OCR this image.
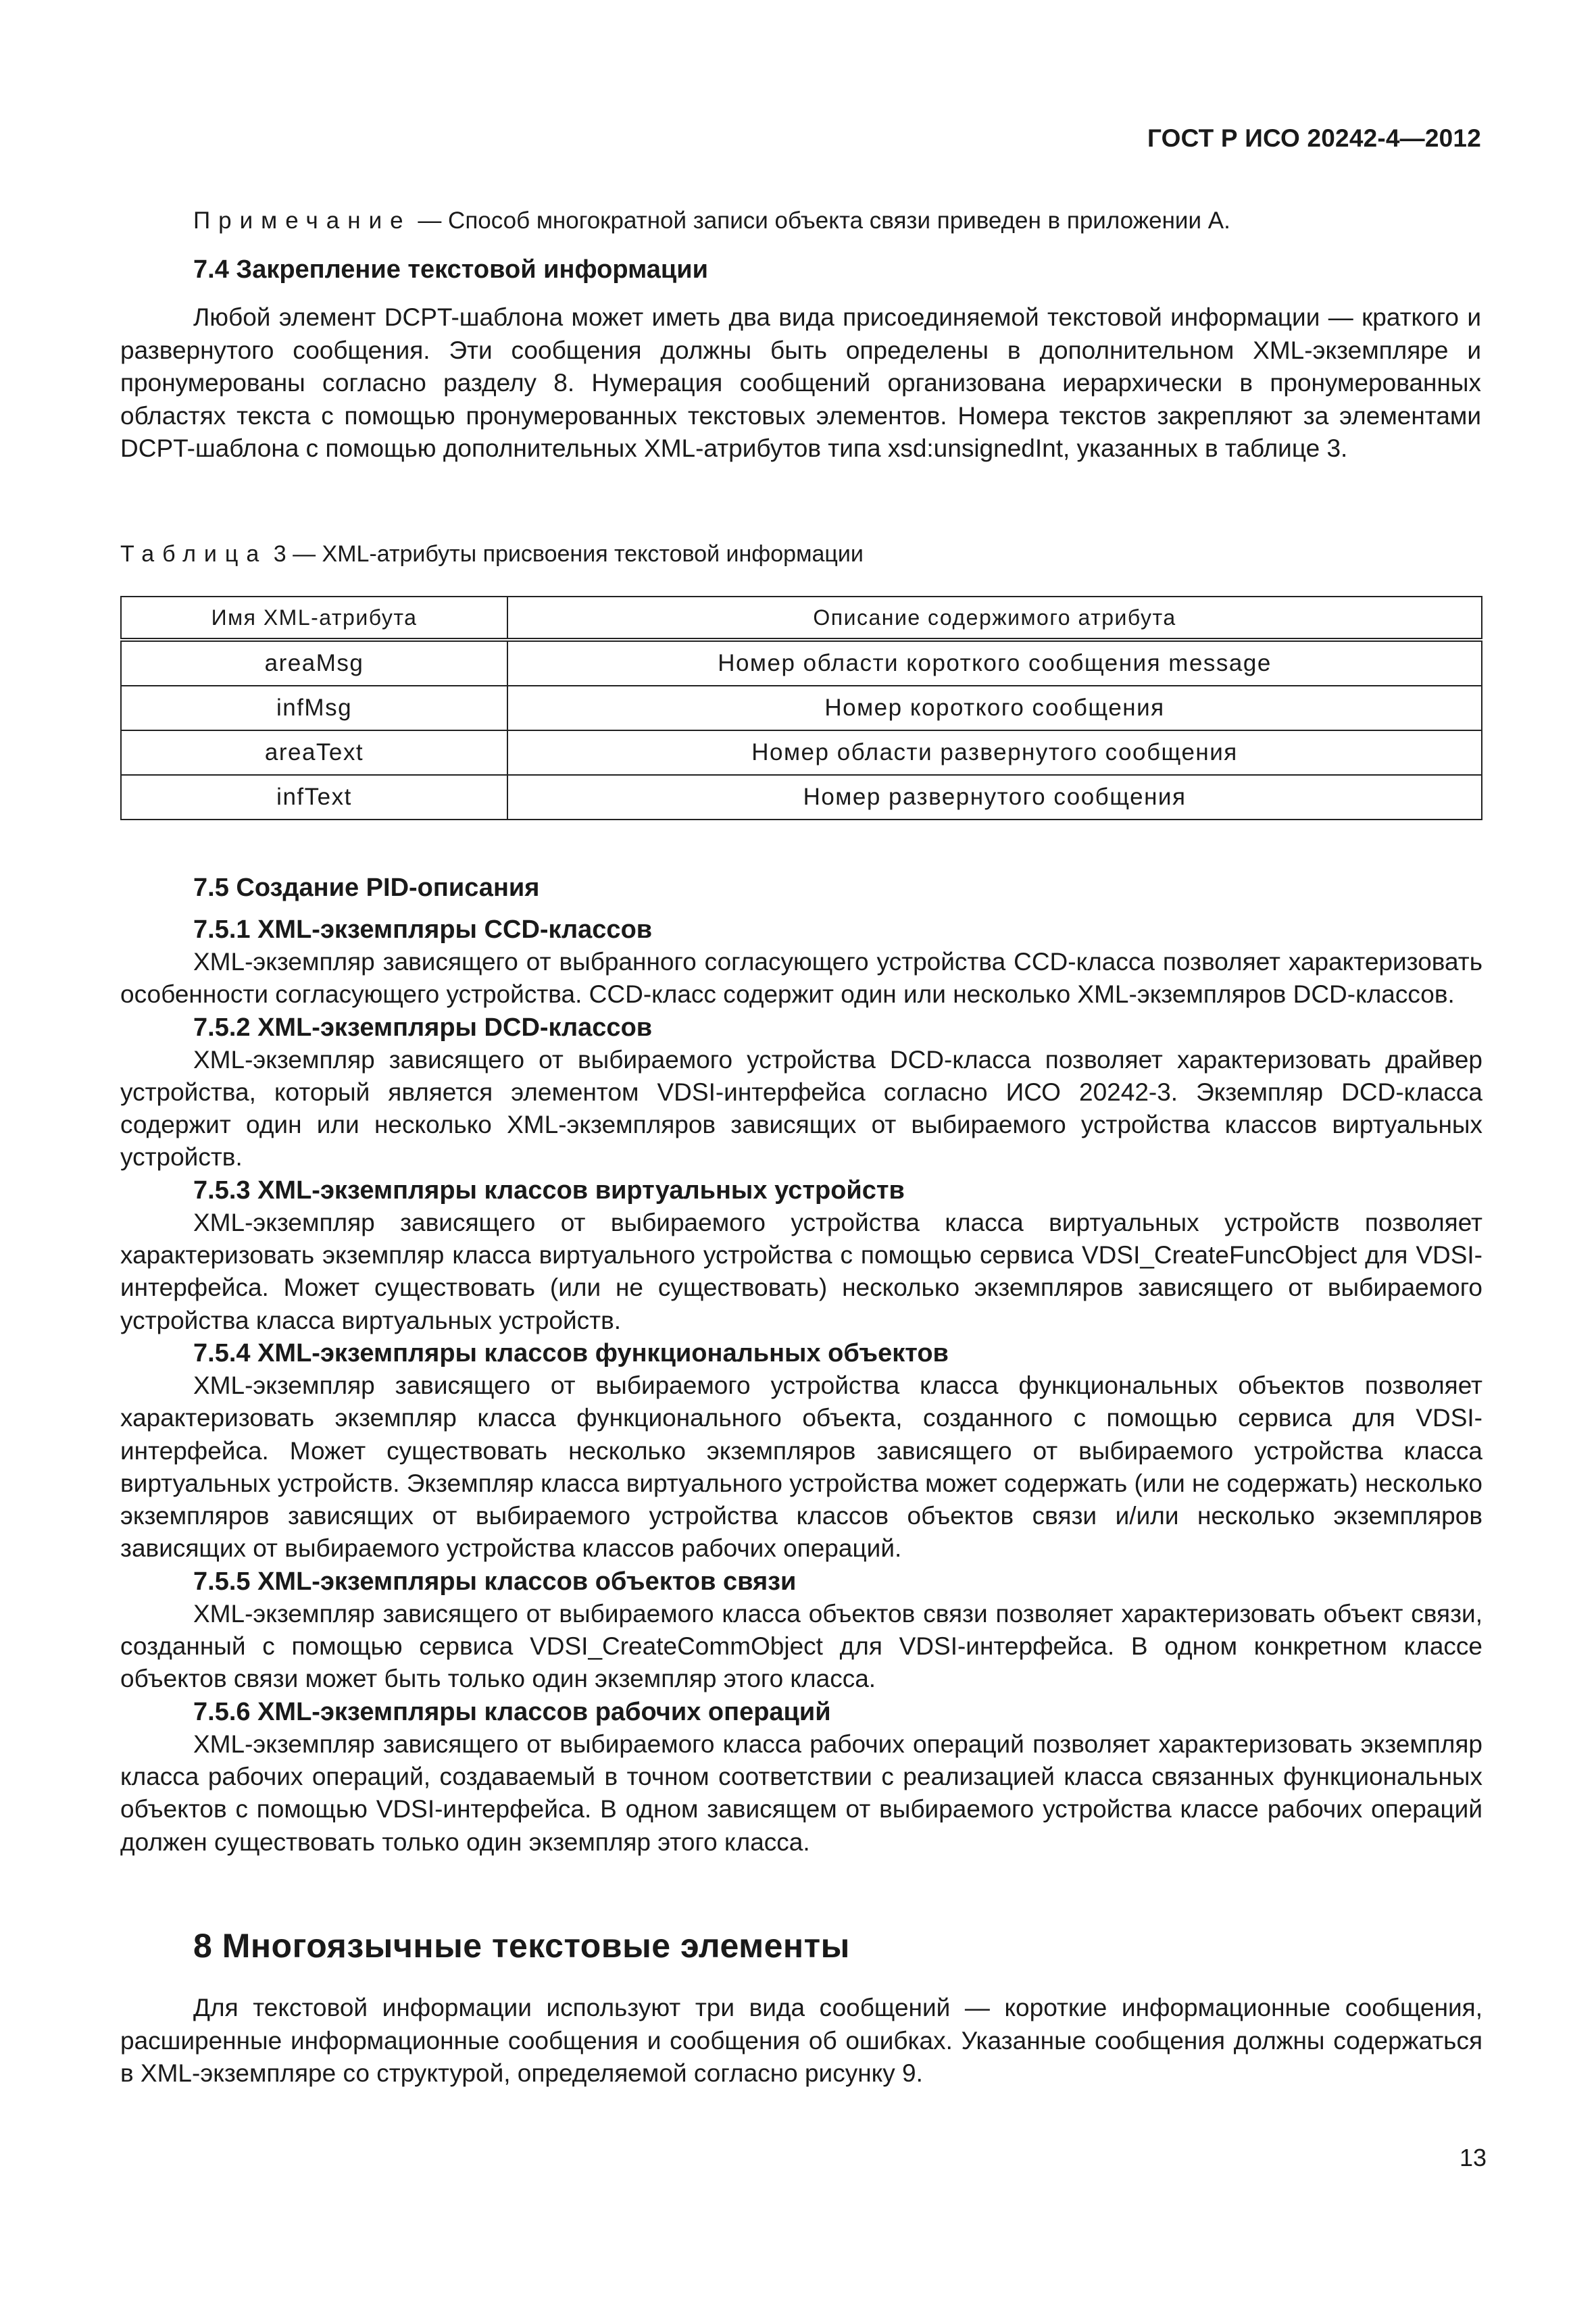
ГОСТ Р ИСО 20242-4—2012
Примечание — Способ многократной записи объекта связи приведен в приложении А.
7.4 Закрепление текстовой информации

Любой элемент DCPT-шаблона может иметь два вида присоединяемой текстовой информации — краткого и развернутого сообщения. Эти сообщения должны быть определены в дополнительном XML-экземпляре и пронумерованы согласно разделу 8. Нумерация сообщений организована иерархически в пронумерованных областях текста с помощью пронумерованных текстовых элементов. Номера текстов закрепляют за элементами DCPT-шаблона с помощью дополнительных XML-атрибутов типа xsd:unsignedInt, указанных в таблице 3.

Таблица 3 — XML-атрибуты присвоения текстовой информации
Имя XML-атрибута	Описание содержимого атрибута
areaMsg	Номер области короткого сообщения message
infMsg	Номер короткого сообщения
areaText	Номер области развернутого сообщения
infText	Номер развернутого сообщения

7.5 Создание PID-описания

7.5.1 XML-экземпляры CCD-классов

XML-экземпляр зависящего от выбранного согласующего устройства CCD-класса позволяет характеризовать особенности согласующего устройства. CCD-класс содержит один или несколько XML-экземпляров DCD-классов.

7.5.2 XML-экземпляры DCD-классов

XML-экземпляр зависящего от выбираемого устройства DCD-класса позволяет характеризовать драйвер устройства, который является элементом VDSI-интерфейса согласно ИСО 20242-3. Экземпляр DCD-класса содержит один или несколько XML-экземпляров зависящих от выбираемого устройства классов виртуальных устройств.

7.5.3 XML-экземпляры классов виртуальных устройств

XML-экземпляр зависящего от выбираемого устройства класса виртуальных устройств позволяет характеризовать экземпляр класса виртуального устройства с помощью сервиса VDSI_CreateFuncObject для VDSI-интерфейса. Может существовать (или не существовать) несколько экземпляров зависящего от выбираемого устройства класса виртуальных устройств.

7.5.4 XML-экземпляры классов функциональных объектов

XML-экземпляр зависящего от выбираемого устройства класса функциональных объектов позволяет характеризовать экземпляр класса функционального объекта, созданного с помощью сервиса для VDSI-интерфейса. Может существовать несколько экземпляров зависящего от выбираемого устройства класса виртуальных устройств. Экземпляр класса виртуального устройства может содержать (или не содержать) несколько экземпляров зависящих от выбираемого устройства классов объектов связи и/или несколько экземпляров зависящих от выбираемого устройства классов рабочих операций.

7.5.5 XML-экземпляры классов объектов связи

XML-экземпляр зависящего от выбираемого класса объектов связи позволяет характеризовать объект связи, созданный с помощью сервиса VDSI_CreateCommObject для VDSI-интерфейса. В одном конкретном классе объектов связи может быть только один экземпляр этого класса.

7.5.6 XML-экземпляры классов рабочих операций

XML-экземпляр зависящего от выбираемого класса рабочих операций позволяет характеризовать экземпляр класса рабочих операций, создаваемый в точном соответствии с реализацией класса связанных функциональных объектов с помощью VDSI-интерфейса. В одном зависящем от выбираемого устройства классе рабочих операций должен существовать только один экземпляр этого класса.

8 Многоязычные текстовые элементы

Для текстовой информации используют три вида сообщений — короткие информационные сообщения, расширенные информационные сообщения и сообщения об ошибках. Указанные сообщения должны содержаться в XML-экземпляре со структурой, определяемой согласно рисунку 9.

13
